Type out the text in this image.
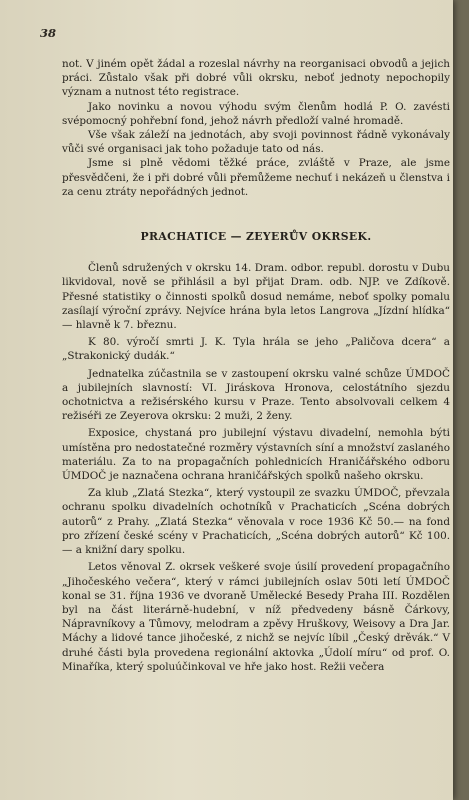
38

not. V jiném opět žádal a rozeslal návrhy na reorganisaci obvodů a jejich práci. Zůstalo však při dobré vůli okrsku, neboť jednoty nepochopily význam a nutnost této registrace.

Jako novinku a novou výhodu svým členům hodlá P. O. zavésti svépomocný pohřební fond, jehož návrh předloží valné hromadě.

Vše však záleží na jednotách, aby svoji povinnost řádně vykonávaly vůči své organisaci jak toho požaduje tato od nás.

Jsme si plně vědomi těžké práce, zvláště v Praze, ale jsme přesvědčeni, že i při dobré vůli přemůžeme nechuť i nekázeň u členstva i za cenu ztráty nepořádných jednot.

PRACHATICE — ZEYERŮV OKRSEK.

Členů sdružených v okrsku 14. Dram. odbor. republ. dorostu v Dubu likvidoval, nově se přihlásil a byl přijat Dram. odb. NJP. ve Zdíkově. Přesné statistiky o činnosti spolků dosud nemáme, neboť spolky pomalu zasílají výroční zprávy. Nejvíce hrána byla letos Langrova „Jízdní hlídka“ — hlavně k 7. březnu.

K 80. výročí smrti J. K. Tyla hrála se jeho „Paličova dcera“ a „Strakonický dudák.“

Jednatelka zúčastnila se v zastoupení okrsku valné schůze ÚMDOČ a jubilejních slavností: VI. Jiráskova Hronova, celostátního sjezdu ochotnictva a režisérského kursu v Praze. Tento absolvovali celkem 4 režiséři ze Zeyerova okrsku: 2 muži, 2 ženy.

Exposice, chystaná pro jubilejní výstavu divadelní, nemohla býti umístěna pro nedostatečné rozměry výstavních síní a množství zaslaného materiálu. Za to na propagačních pohlednicích Hraničářského odboru ÚMDOČ je naznačena ochrana hraničářských spolků našeho okrsku.

Za klub „Zlatá Stezka“, který vystoupil ze svazku ÚMDOČ, převzala ochranu spolku divadelních ochotníků v Prachaticích „Scéna dobrých autorů“ z Prahy. „Zlatá Stezka“ věnovala v roce 1936 Kč 50.— na fond pro zřízení české scény v Prachaticích, „Scéna dobrých autorů“ Kč 100.— a knižní dary spolku.

Letos věnoval Z. okrsek veškeré svoje úsilí provedení propagačního „Jihočeského večera“, který v rámci jubilejních oslav 50ti letí ÚMDOČ konal se 31. října 1936 ve dvoraně Umělecké Besedy Praha III. Rozdělen byl na část literárně-hudební, v níž předvedeny básně Čárkovy, Nápravníkovy a Tůmovy, melodram a zpěvy Hruškovy, Weisovy a Dra Jar. Máchy a lidové tance jihočeské, z nichž se nejvíc líbil „Český drěvák.“ V druhé části byla provedena regionální aktovka „Údolí míru“ od prof. O. Minaříka, který spoluúčinkoval ve hře jako host. Režii večera
